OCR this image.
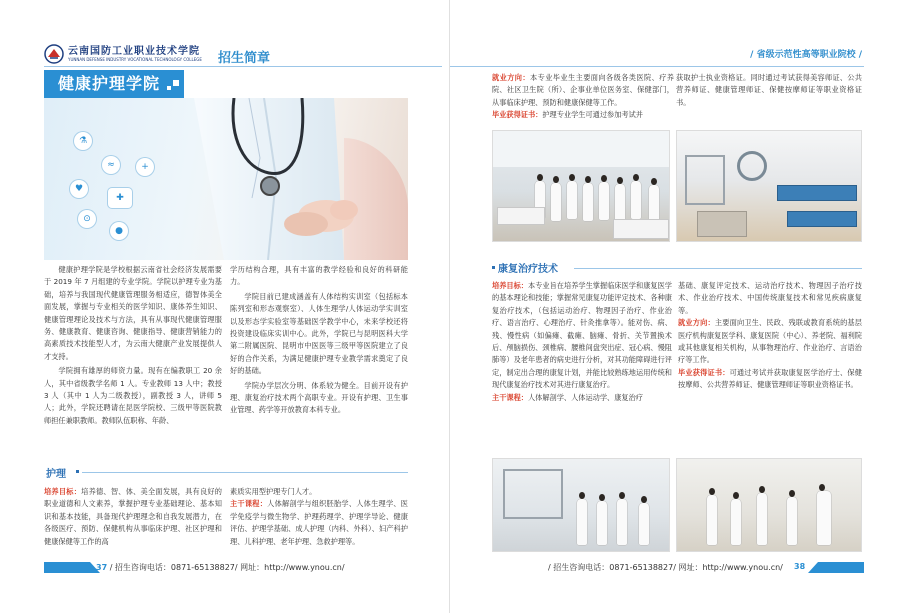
云南国防工业职业技术学院
YUNNAN DEFENSE INDUSTRY VOCATIONAL TECHNOLOGY COLLEGE 招生简章
健康护理学院
⚗
≈
♥
✚
⊙
●
+

健康护理学院是学校根据云南省社会经济发展需要于 2019 年 7 月组建的专业学院。学院以护理专业为基础，培养与我国现代健康管理服务相适应，德智体美全面发展，掌握与专业相关的医学知识、康体养生知识、健康管理理论及技术与方法，具有从事现代健康管理服务、健康教育、健康咨询、健康指导、健康营销能力的高素质技术技能型人才，为云南大健康产业发展提供人才支持。

学院拥有雄厚的师资力量。现有在编教职工 20 余人，其中省级教学名师 1 人。专业教师 13 人中；教授 3 人（其中 1 人为二级教授），副教授 3 人，讲师 5 人；此外，学院还聘请在昆医学院校、三级甲等医院教师担任兼职教师。教师队伍职称、年龄、

学历结构合理，具有丰富的教学经验和良好的科研能力。

学院目前已建成涵盖有人体结构实训室（包括标本陈列室和形态观察室）、人体生理学/人体运动学实训室以及形态学实验室等基础医学教学中心，未来学校还将投资建设临床实训中心。此外，学院已与昆明医科大学第二附属医院、昆明市中医医等三级甲等医院建立了良好的合作关系，为满足健康护理专业教学需求奠定了良好的基础。

学院办学层次分明、体系较为健全。目前开设有护理、康复治疗技术两个高职专业。开设有护理、卫生事业管理、药学等开放教育本科专业。

护理
培养目标：培养德、智、体、美全面发展，具有良好的职业道德和人文素养，掌握护理专业基础理论、基本知识和基本技能，具备现代护理理念和自我发展潜力，在各级医疗、预防、保健机构从事临床护理、社区护理和健康保健等工作的高
素质实用型护理专门人才。
主干课程：人体解剖学与组织胚胎学、人体生理学、医学免疫学与微生物学、护理药理学、护理学导论、健康评估、护理学基础、成人护理（内科、外科）、妇产科护理、儿科护理、老年护理、急救护理等。
37 / 招生咨询电话：0871-65138827/ 网址：http://www.ynou.cn/
/ 省级示范性高等职业院校 /
就业方向：本专业毕业生主要面向各级各类医院、疗养院、社区卫生院（所）、企事业单位医务室、保健部门，从事临床护理、预防和健康保健等工作。
毕业获得证书：护理专业学生可通过参加考试并
获取护士执业资格证。同时通过考试获得美容师证、公共营养师证、健康管理师证、保健按摩师证等职业资格证书。
康复治疗技术
培养目标：本专业旨在培养学生掌握临床医学和康复医学的基本理论和技能；掌握常见康复功能评定技术、各种康复治疗技术，（包括运动治疗、物理因子治疗、作业治疗、语言治疗、心理治疗、针灸推拿等）。能对伤、病、残、慢性病（如偏瘫、截瘫、脑瘫、骨折、关节置换术后、颅脑损伤、颈椎病、腰椎间盘突出症、冠心病、慢阻肺等）及老年患者的病史进行分析，对其功能障碍进行评定，制定出合理的康复计划，并能比较熟练地运用传统和现代康复治疗技术对其进行康复治疗。
主干课程：人体解剖学、人体运动学、康复治疗
基础、康复评定技术、运动治疗技术、物理因子治疗技术、作业治疗技术、中国传统康复技术和常见疾病康复等。
就业方向：主要面向卫生、民政、残联或教育系统的基层医疗机构康复医学科、康复医院（中心）、养老院、福利院或其他康复相关机构，从事物理治疗、作业治疗、言语治疗等工作。
毕业获得证书：可通过考试并获取康复医学治疗士、保健按摩师、公共营养师证、健康管理师证等职业资格证书。
/ 招生咨询电话：0871-65138827/ 网址：http://www.ynou.cn/ 38
